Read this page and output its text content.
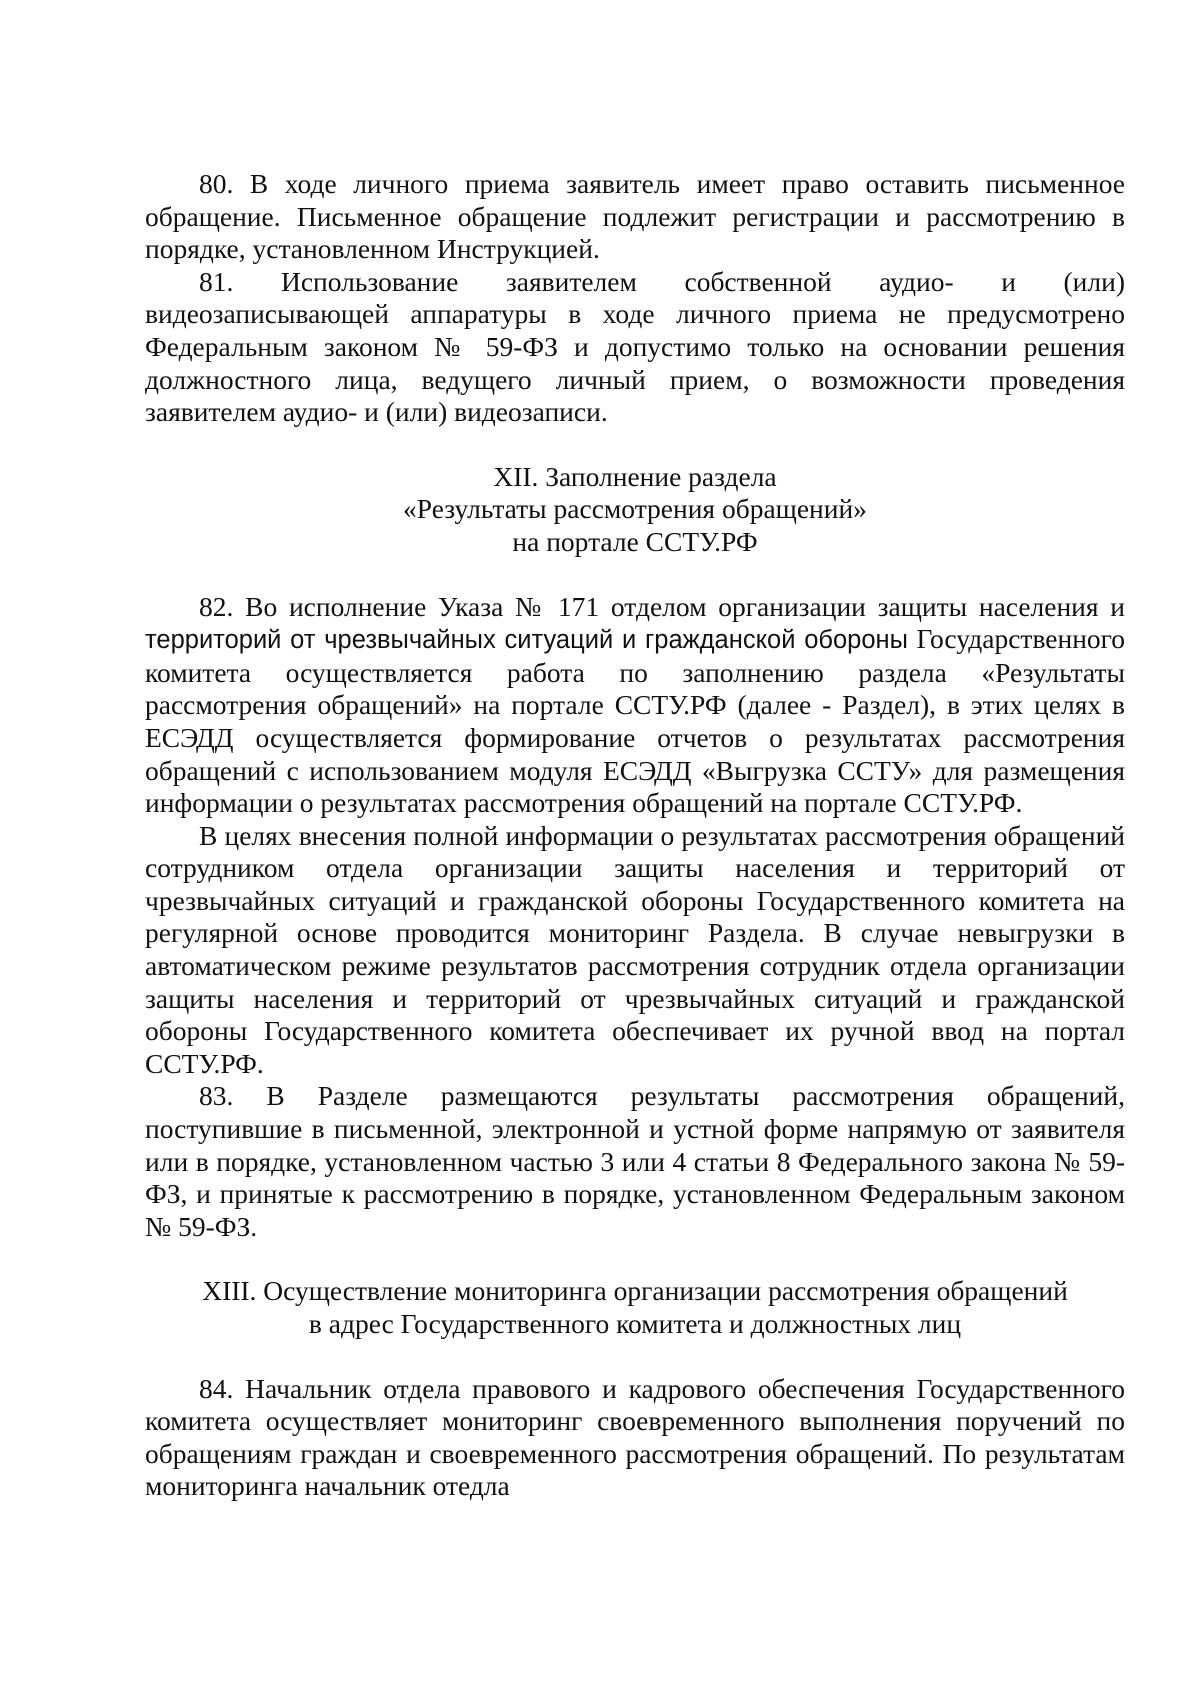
80. В ходе личного приема заявитель имеет право оставить письменное обращение. Письменное обращение подлежит регистрации и рассмотрению в порядке, установленном Инструкцией.

81. Использование заявителем собственной аудио- и (или) видеозаписывающей аппаратуры в ходе личного приема не предусмотрено Федеральным законом № 59-ФЗ и допустимо только на основании решения должностного лица, ведущего личный прием, о возможности проведения заявителем аудио- и (или) видеозаписи.

XII. Заполнение раздела
«Результаты рассмотрения обращений»
на портале ССТУ.РФ

82. Во исполнение Указа № 171 отделом организации защиты населения и территорий от чрезвычайных ситуаций и гражданской обороны Государственного комитета осуществляется работа по заполнению раздела «Результаты рассмотрения обращений» на портале ССТУ.РФ (далее - Раздел), в этих целях в ЕСЭДД осуществляется формирование отчетов о результатах рассмотрения обращений с использованием модуля ЕСЭДД «Выгрузка ССТУ» для размещения информации о результатах рассмотрения обращений на портале ССТУ.РФ.

В целях внесения полной информации о результатах рассмотрения обращений сотрудником отдела организации защиты населения и территорий от чрезвычайных ситуаций и гражданской обороны Государственного комитета на регулярной основе проводится мониторинг Раздела. В случае невыгрузки в автоматическом режиме результатов рассмотрения сотрудник отдела организации защиты населения и территорий от чрезвычайных ситуаций и гражданской обороны Государственного комитета обеспечивает их ручной ввод на портал ССТУ.РФ.

83. В Разделе размещаются результаты рассмотрения обращений, поступившие в письменной, электронной и устной форме напрямую от заявителя или в порядке, установленном частью 3 или 4 статьи 8 Федерального закона № 59-ФЗ, и принятые к рассмотрению в порядке, установленном Федеральным законом № 59-ФЗ.

XIII. Осуществление мониторинга организации рассмотрения обращений
в адрес Государственного комитета и должностных лиц

84. Начальник отдела правового и кадрового обеспечения Государственного комитета осуществляет мониторинг своевременного выполнения поручений по обращениям граждан и своевременного рассмотрения обращений. По результатам мониторинга начальник отедла
